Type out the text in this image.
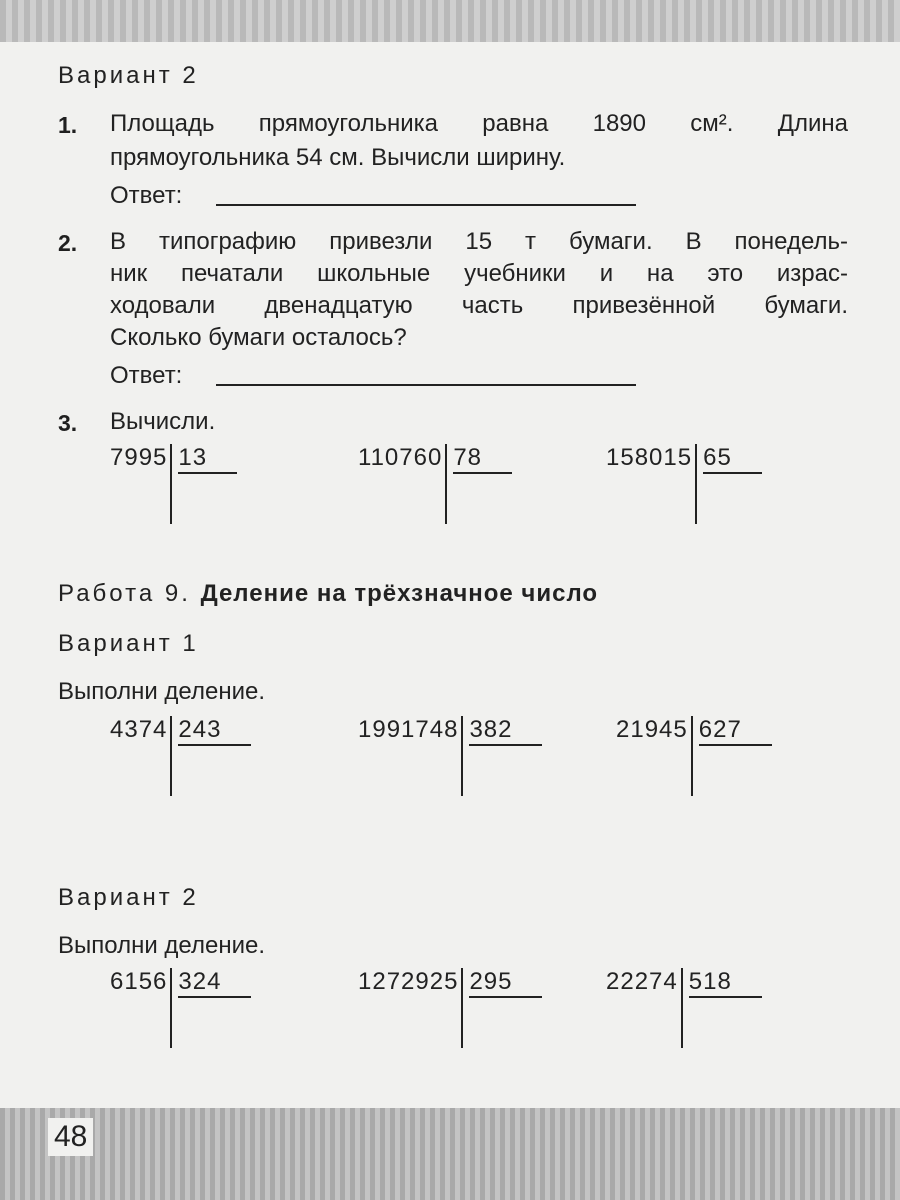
Вариант 2
1. Площадь прямоугольника равна 1890 см². Длина
прямоугольника 54 см. Вычисли ширину.
Ответ:
2. В типографию привезли 15 т бумаги. В понедель-
ник печатали школьные учебники и на это израс-
ходовали двенадцатую часть привезённой бумаги.
Сколько бумаги осталось?
Ответ:
3. Вычисли.
7995 13	110760 78	158015 65
Работа 9. Деление на трёхзначное число
Вариант 1
Выполни деление.
4374 243	1991748 382	21945 627
Вариант 2
Выполни деление.
6156 324	1272925 295	22274 518
48
